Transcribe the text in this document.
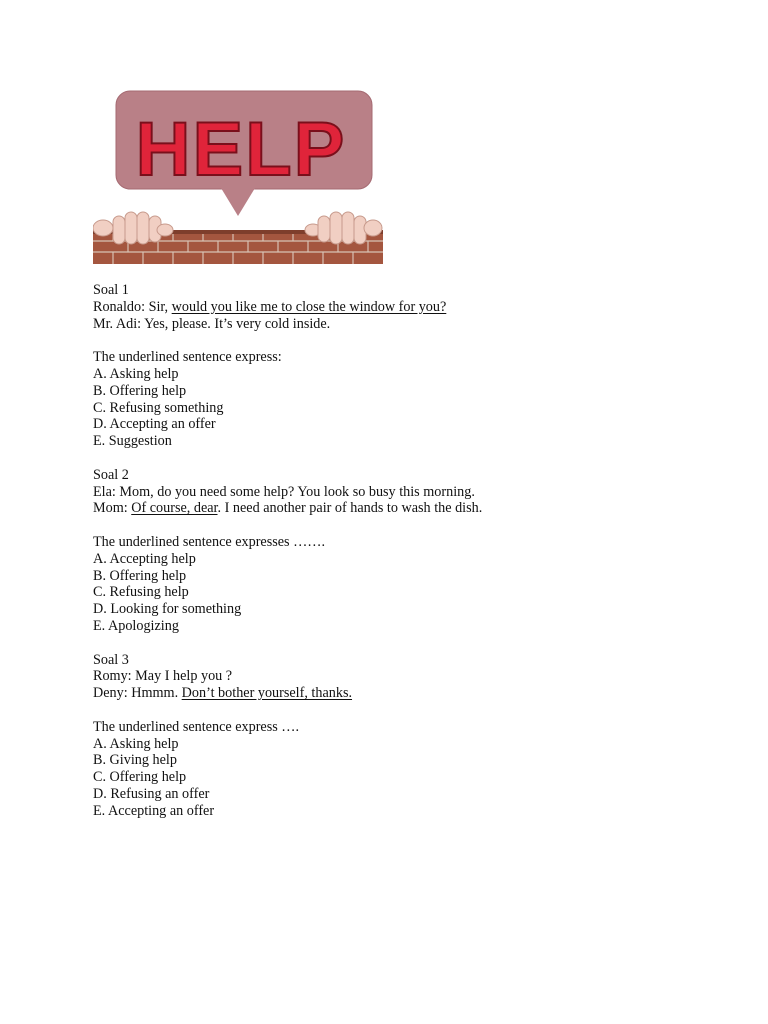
HELP
Soal 1
Ronaldo: Sir, would you like me to close the window for you?
Mr. Adi: Yes, please. It’s very cold inside.
The underlined sentence express:
A. Asking help
B. Offering help
C. Refusing something
D. Accepting an offer
E. Suggestion
Soal 2
Ela: Mom, do you need some help? You look so busy this morning.
Mom: Of course, dear. I need another pair of hands to wash the dish.
The underlined sentence expresses …….
A. Accepting help
B. Offering help
C. Refusing help
D. Looking for something
E. Apologizing
Soal 3
Romy: May I help you ?
Deny: Hmmm. Don’t bother yourself, thanks.
The underlined sentence express ….
A. Asking help
B. Giving help
C. Offering help
D. Refusing an offer
E. Accepting an offer
